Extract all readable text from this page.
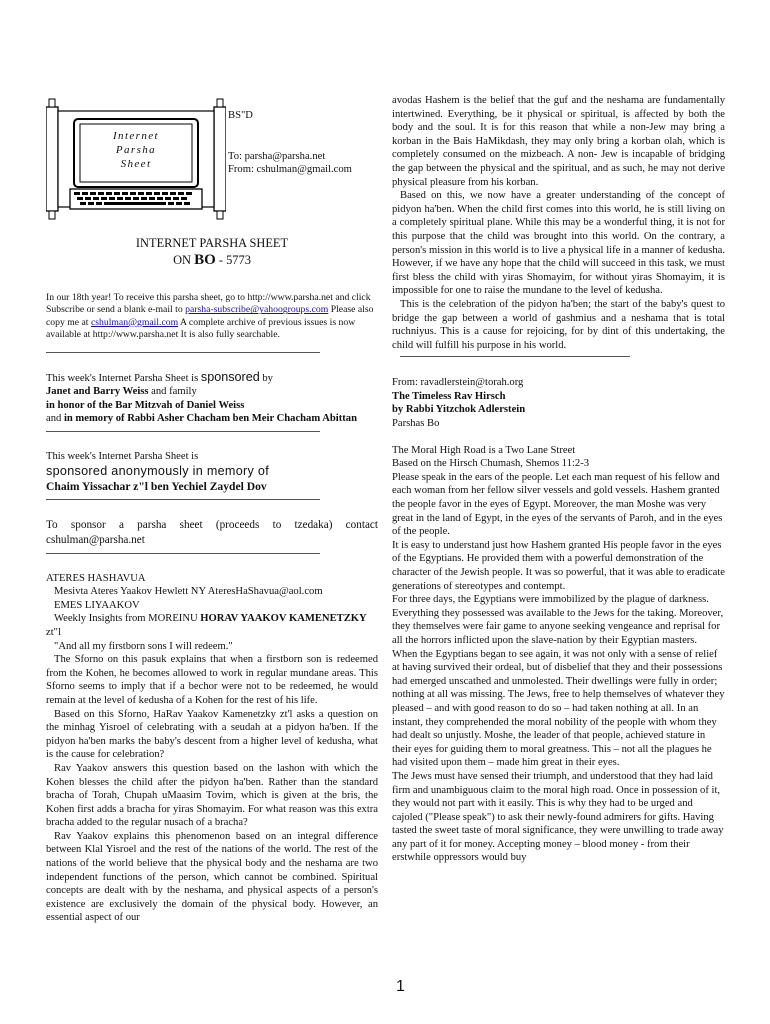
Internet
Parsha
Sheet
BS"D
To: parsha@parsha.net
From: cshulman@gmail.com
INTERNET PARSHA SHEET
ON BO - 5773

In our 18th year! To receive this parsha sheet, go to http://www.parsha.net and click Subscribe or send a blank e-mail to parsha-subscribe@yahoogroups.com Please also copy me at cshulman@gmail.com A complete archive of previous issues is now available at http://www.parsha.net It is also fully searchable.

This week's Internet Parsha Sheet is sponsored by

Janet and Barry Weiss and family

in honor of the Bar Mitzvah of Daniel Weiss

and in memory of Rabbi Asher Chacham ben Meir Chacham Abittan

This week's Internet Parsha Sheet is

sponsored anonymously in memory of

Chaim Yissachar z"l ben Yechiel Zaydel Dov

To sponsor a parsha sheet (proceeds to tzedaka) contact cshulman@parsha.net

ATERES HASHAVUA

Mesivta Ateres Yaakov Hewlett NY AteresHaShavua@aol.com

EMES LIYAAKOV

Weekly Insights from MOREINU HORAV YAAKOV KAMENETZKY zt"l

"And all my firstborn sons I will redeem."

The Sforno on this pasuk explains that when a firstborn son is redeemed from the Kohen, he becomes allowed to work in regular mundane areas. This Sforno seems to imply that if a bechor were not to be redeemed, he would remain at the level of kedusha of a Kohen for the rest of his life.

Based on this Sforno, HaRav Yaakov Kamenetzky zt'l asks a question on the minhag Yisroel of celebrating with a seudah at a pidyon ha'ben. If the pidyon ha'ben marks the baby's descent from a higher level of kedusha, what is the cause for celebration?

Rav Yaakov answers this question based on the lashon with which the Kohen blesses the child after the pidyon ha'ben. Rather than the standard bracha of Torah, Chupah uMaasim Tovim, which is given at the bris, the Kohen first adds a bracha for yiras Shomayim. For what reason was this extra bracha added to the regular nusach of a bracha?

Rav Yaakov explains this phenomenon based on an integral difference between Klal Yisroel and the rest of the nations of the world. The rest of the nations of the world believe that the physical body and the neshama are two independent functions of the person, which cannot be combined. Spiritual concepts are dealt with by the neshama, and physical aspects of a person's existence are exclusively the domain of the physical body. However, an essential aspect of our

avodas Hashem is the belief that the guf and the neshama are fundamentally intertwined. Everything, be it physical or spiritual, is affected by both the body and the soul. It is for this reason that while a non-Jew may bring a korban in the Bais HaMikdash, they may only bring a korban olah, which is completely consumed on the mizbeach. A non- Jew is incapable of bridging the gap between the physical and the spiritual, and as such, he may not derive physical pleasure from his korban.

Based on this, we now have a greater understanding of the concept of pidyon ha'ben. When the child first comes into this world, he is still living on a completely spiritual plane. While this may be a wonderful thing, it is not for this purpose that the child was brought into this world. On the contrary, a person's mission in this world is to live a physical life in a manner of kedusha. However, if we have any hope that the child will succeed in this task, we must first bless the child with yiras Shomayim, for without yiras Shomayim, it is impossible for one to raise the mundane to the level of kedusha.

This is the celebration of the pidyon ha'ben; the start of the baby's quest to bridge the gap between a world of gashmius and a neshama that is total ruchniyus. This is a cause for rejoicing, for by dint of this undertaking, the child will fulfill his purpose in his world.

From: ravadlerstein@torah.org

The Timeless Rav Hirsch

by Rabbi Yitzchok Adlerstein

Parshas Bo

The Moral High Road is a Two Lane Street

Based on the Hirsch Chumash, Shemos 11:2-3

Please speak in the ears of the people. Let each man request of his fellow and each woman from her fellow silver vessels and gold vessels. Hashem granted the people favor in the eyes of Egypt. Moreover, the man Moshe was very great in the land of Egypt, in the eyes of the servants of Paroh, and in the eyes of the people.

It is easy to understand just how Hashem granted His people favor in the eyes of the Egyptians. He provided them with a powerful demonstration of the character of the Jewish people. It was so powerful, that it was able to eradicate generations of stereotypes and contempt.

For three days, the Egyptians were immobilized by the plague of darkness. Everything they possessed was available to the Jews for the taking. Moreover, they themselves were fair game to anyone seeking vengeance and reprisal for all the horrors inflicted upon the slave-nation by their Egyptian masters.

When the Egyptians began to see again, it was not only with a sense of relief at having survived their ordeal, but of disbelief that they and their possessions had emerged unscathed and unmolested. Their dwellings were fully in order; nothing at all was missing. The Jews, free to help themselves of whatever they pleased – and with good reason to do so – had taken nothing at all. In an instant, they comprehended the moral nobility of the people with whom they had dealt so unjustly. Moshe, the leader of that people, achieved stature in their eyes for guiding them to moral greatness. This – not all the plagues he had visited upon them – made him great in their eyes.

The Jews must have sensed their triumph, and understood that they had laid firm and unambiguous claim to the moral high road. Once in possession of it, they would not part with it easily. This is why they had to be urged and cajoled ("Please speak") to ask their newly-found admirers for gifts. Having tasted the sweet taste of moral significance, they were unwilling to trade away any part of it for money. Accepting money – blood money - from their erstwhile oppressors would buy

1
